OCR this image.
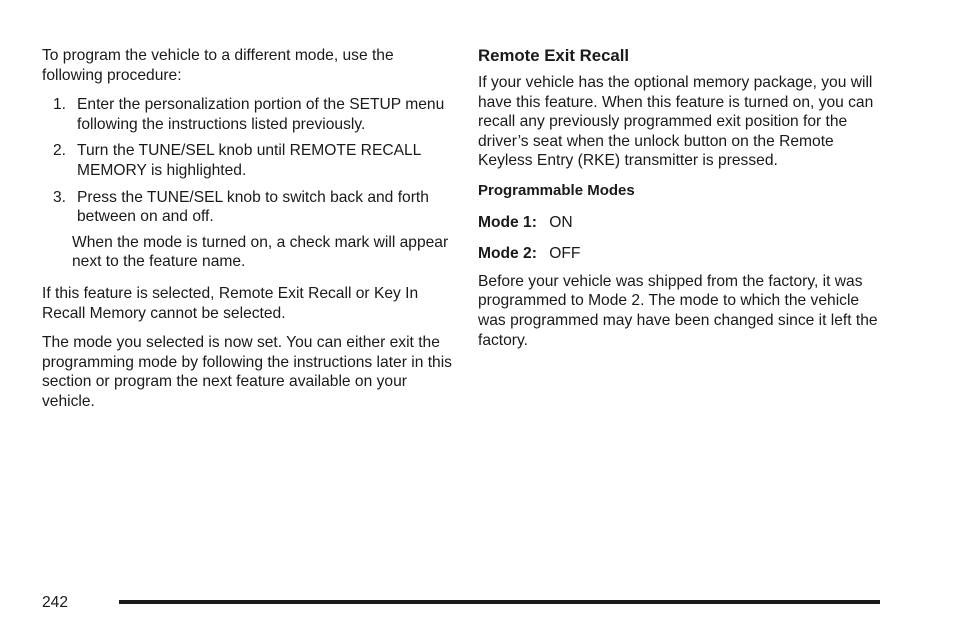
To program the vehicle to a different mode, use the following procedure:

1. Enter the personalization portion of the SETUP menu following the instructions listed previously.
2. Turn the TUNE/SEL knob until REMOTE RECALL MEMORY is highlighted.
3. Press the TUNE/SEL knob to switch back and forth between on and off.

When the mode is turned on, a check mark will appear next to the feature name.

If this feature is selected, Remote Exit Recall or Key In Recall Memory cannot be selected.

The mode you selected is now set. You can either exit the programming mode by following the instructions later in this section or program the next feature available on your vehicle.

Remote Exit Recall

If your vehicle has the optional memory package, you will have this feature. When this feature is turned on, you can recall any previously programmed exit position for the driver’s seat when the unlock button on the Remote Keyless Entry (RKE) transmitter is pressed.

Programmable Modes

Mode 1: ON

Mode 2: OFF

Before your vehicle was shipped from the factory, it was programmed to Mode 2. The mode to which the vehicle was programmed may have been changed since it left the factory.

242
